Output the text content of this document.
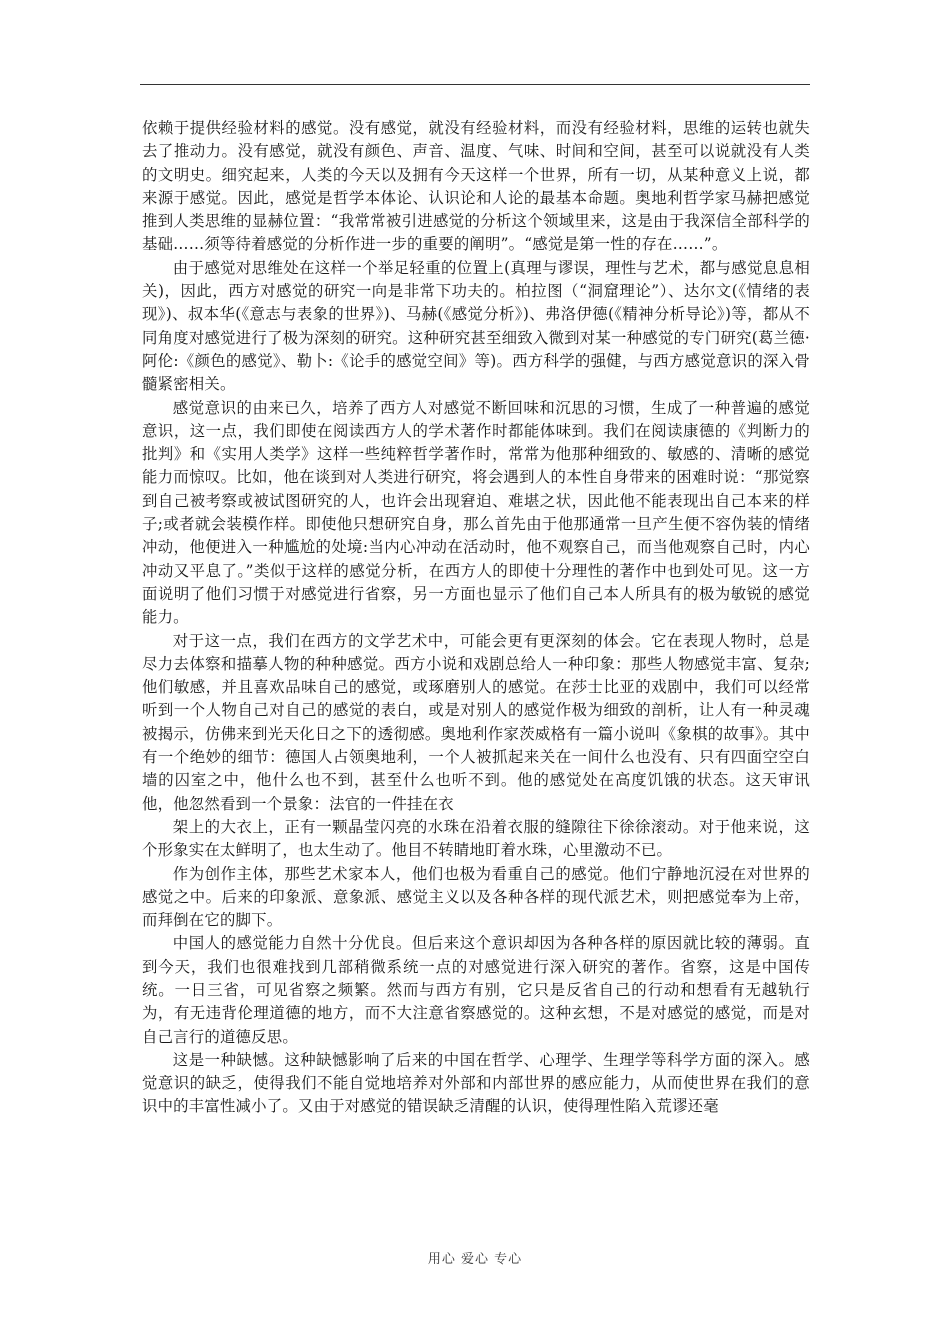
依赖于提供经验材料的感觉。没有感觉，就没有经验材料，而没有经验材料，思维的运转也就失去了推动力。没有感觉，就没有颜色、声音、温度、气味、时间和空间，甚至可以说就没有人类的文明史。细究起来，人类的今天以及拥有今天这样一个世界，所有一切，从某种意义上说，都来源于感觉。因此，感觉是哲学本体论、认识论和人论的最基本命题。奥地利哲学家马赫把感觉推到人类思维的显赫位置：“我常常被引进感觉的分析这个领域里来，这是由于我深信全部科学的基础……须等待着感觉的分析作进一步的重要的阐明”。“感觉是第一性的存在……”。

由于感觉对思维处在这样一个举足轻重的位置上(真理与谬误，理性与艺术，都与感觉息息相关)，因此，西方对感觉的研究一向是非常下功夫的。柏拉图（“洞窟理论”）、达尔文(《情绪的表现》)、叔本华(《意志与表象的世界》)、马赫(《感觉分析》)、弗洛伊德(《精神分析导论》)等，都从不同角度对感觉进行了极为深刻的研究。这种研究甚至细致入微到对某一种感觉的专门研究(葛兰德·阿伦:《颜色的感觉》、勒卜:《论手的感觉空间》等)。西方科学的强健，与西方感觉意识的深入骨髓紧密相关。

感觉意识的由来已久，培养了西方人对感觉不断回味和沉思的习惯，生成了一种普遍的感觉意识，这一点，我们即使在阅读西方人的学术著作时都能体味到。我们在阅读康德的《判断力的批判》和《实用人类学》这样一些纯粹哲学著作时，常常为他那种细致的、敏感的、清晰的感觉能力而惊叹。比如，他在谈到对人类进行研究，将会遇到人的本性自身带来的困难时说：“那觉察到自己被考察或被试图研究的人，也许会出现窘迫、难堪之状，因此他不能表现出自己本来的样子;或者就会装模作样。即使他只想研究自身，那么首先由于他那通常一旦产生便不容伪装的情绪冲动，他便进入一种尴尬的处境:当内心冲动在活动时，他不观察自己，而当他观察自己时，内心冲动又平息了。”类似于这样的感觉分析，在西方人的即使十分理性的著作中也到处可见。这一方面说明了他们习惯于对感觉进行省察，另一方面也显示了他们自己本人所具有的极为敏锐的感觉能力。

对于这一点，我们在西方的文学艺术中，可能会更有更深刻的体会。它在表现人物时，总是尽力去体察和描摹人物的种种感觉。西方小说和戏剧总给人一种印象：那些人物感觉丰富、复杂;他们敏感，并且喜欢品味自己的感觉，或琢磨别人的感觉。在莎士比亚的戏剧中，我们可以经常听到一个人物自己对自己的感觉的表白，或是对别人的感觉作极为细致的剖析，让人有一种灵魂被揭示，仿佛来到光天化日之下的透彻感。奥地利作家茨威格有一篇小说叫《象棋的故事》。其中有一个绝妙的细节：德国人占领奥地利，一个人被抓起来关在一间什么也没有、只有四面空空白墙的囚室之中，他什么也不到，甚至什么也听不到。他的感觉处在高度饥饿的状态。这天审讯他，他忽然看到一个景象：法官的一件挂在衣

架上的大衣上，正有一颗晶莹闪亮的水珠在沿着衣服的缝隙往下徐徐滚动。对于他来说，这个形象实在太鲜明了，也太生动了。他目不转睛地盯着水珠，心里激动不已。

作为创作主体，那些艺术家本人，他们也极为看重自己的感觉。他们宁静地沉浸在对世界的感觉之中。后来的印象派、意象派、感觉主义以及各种各样的现代派艺术，则把感觉奉为上帝，而拜倒在它的脚下。

中国人的感觉能力自然十分优良。但后来这个意识却因为各种各样的原因就比较的薄弱。直到今天，我们也很难找到几部稍微系统一点的对感觉进行深入研究的著作。省察，这是中国传统。一日三省，可见省察之频繁。然而与西方有别，它只是反省自己的行动和想看有无越轨行为，有无违背伦理道德的地方，而不大注意省察感觉的。这种玄想，不是对感觉的感觉，而是对自己言行的道德反思。

这是一种缺憾。这种缺憾影响了后来的中国在哲学、心理学、生理学等科学方面的深入。感觉意识的缺乏，使得我们不能自觉地培养对外部和内部世界的感应能力，从而使世界在我们的意识中的丰富性减小了。又由于对感觉的错误缺乏清醒的认识，使得理性陷入荒谬还毫

用心 爱心 专心
